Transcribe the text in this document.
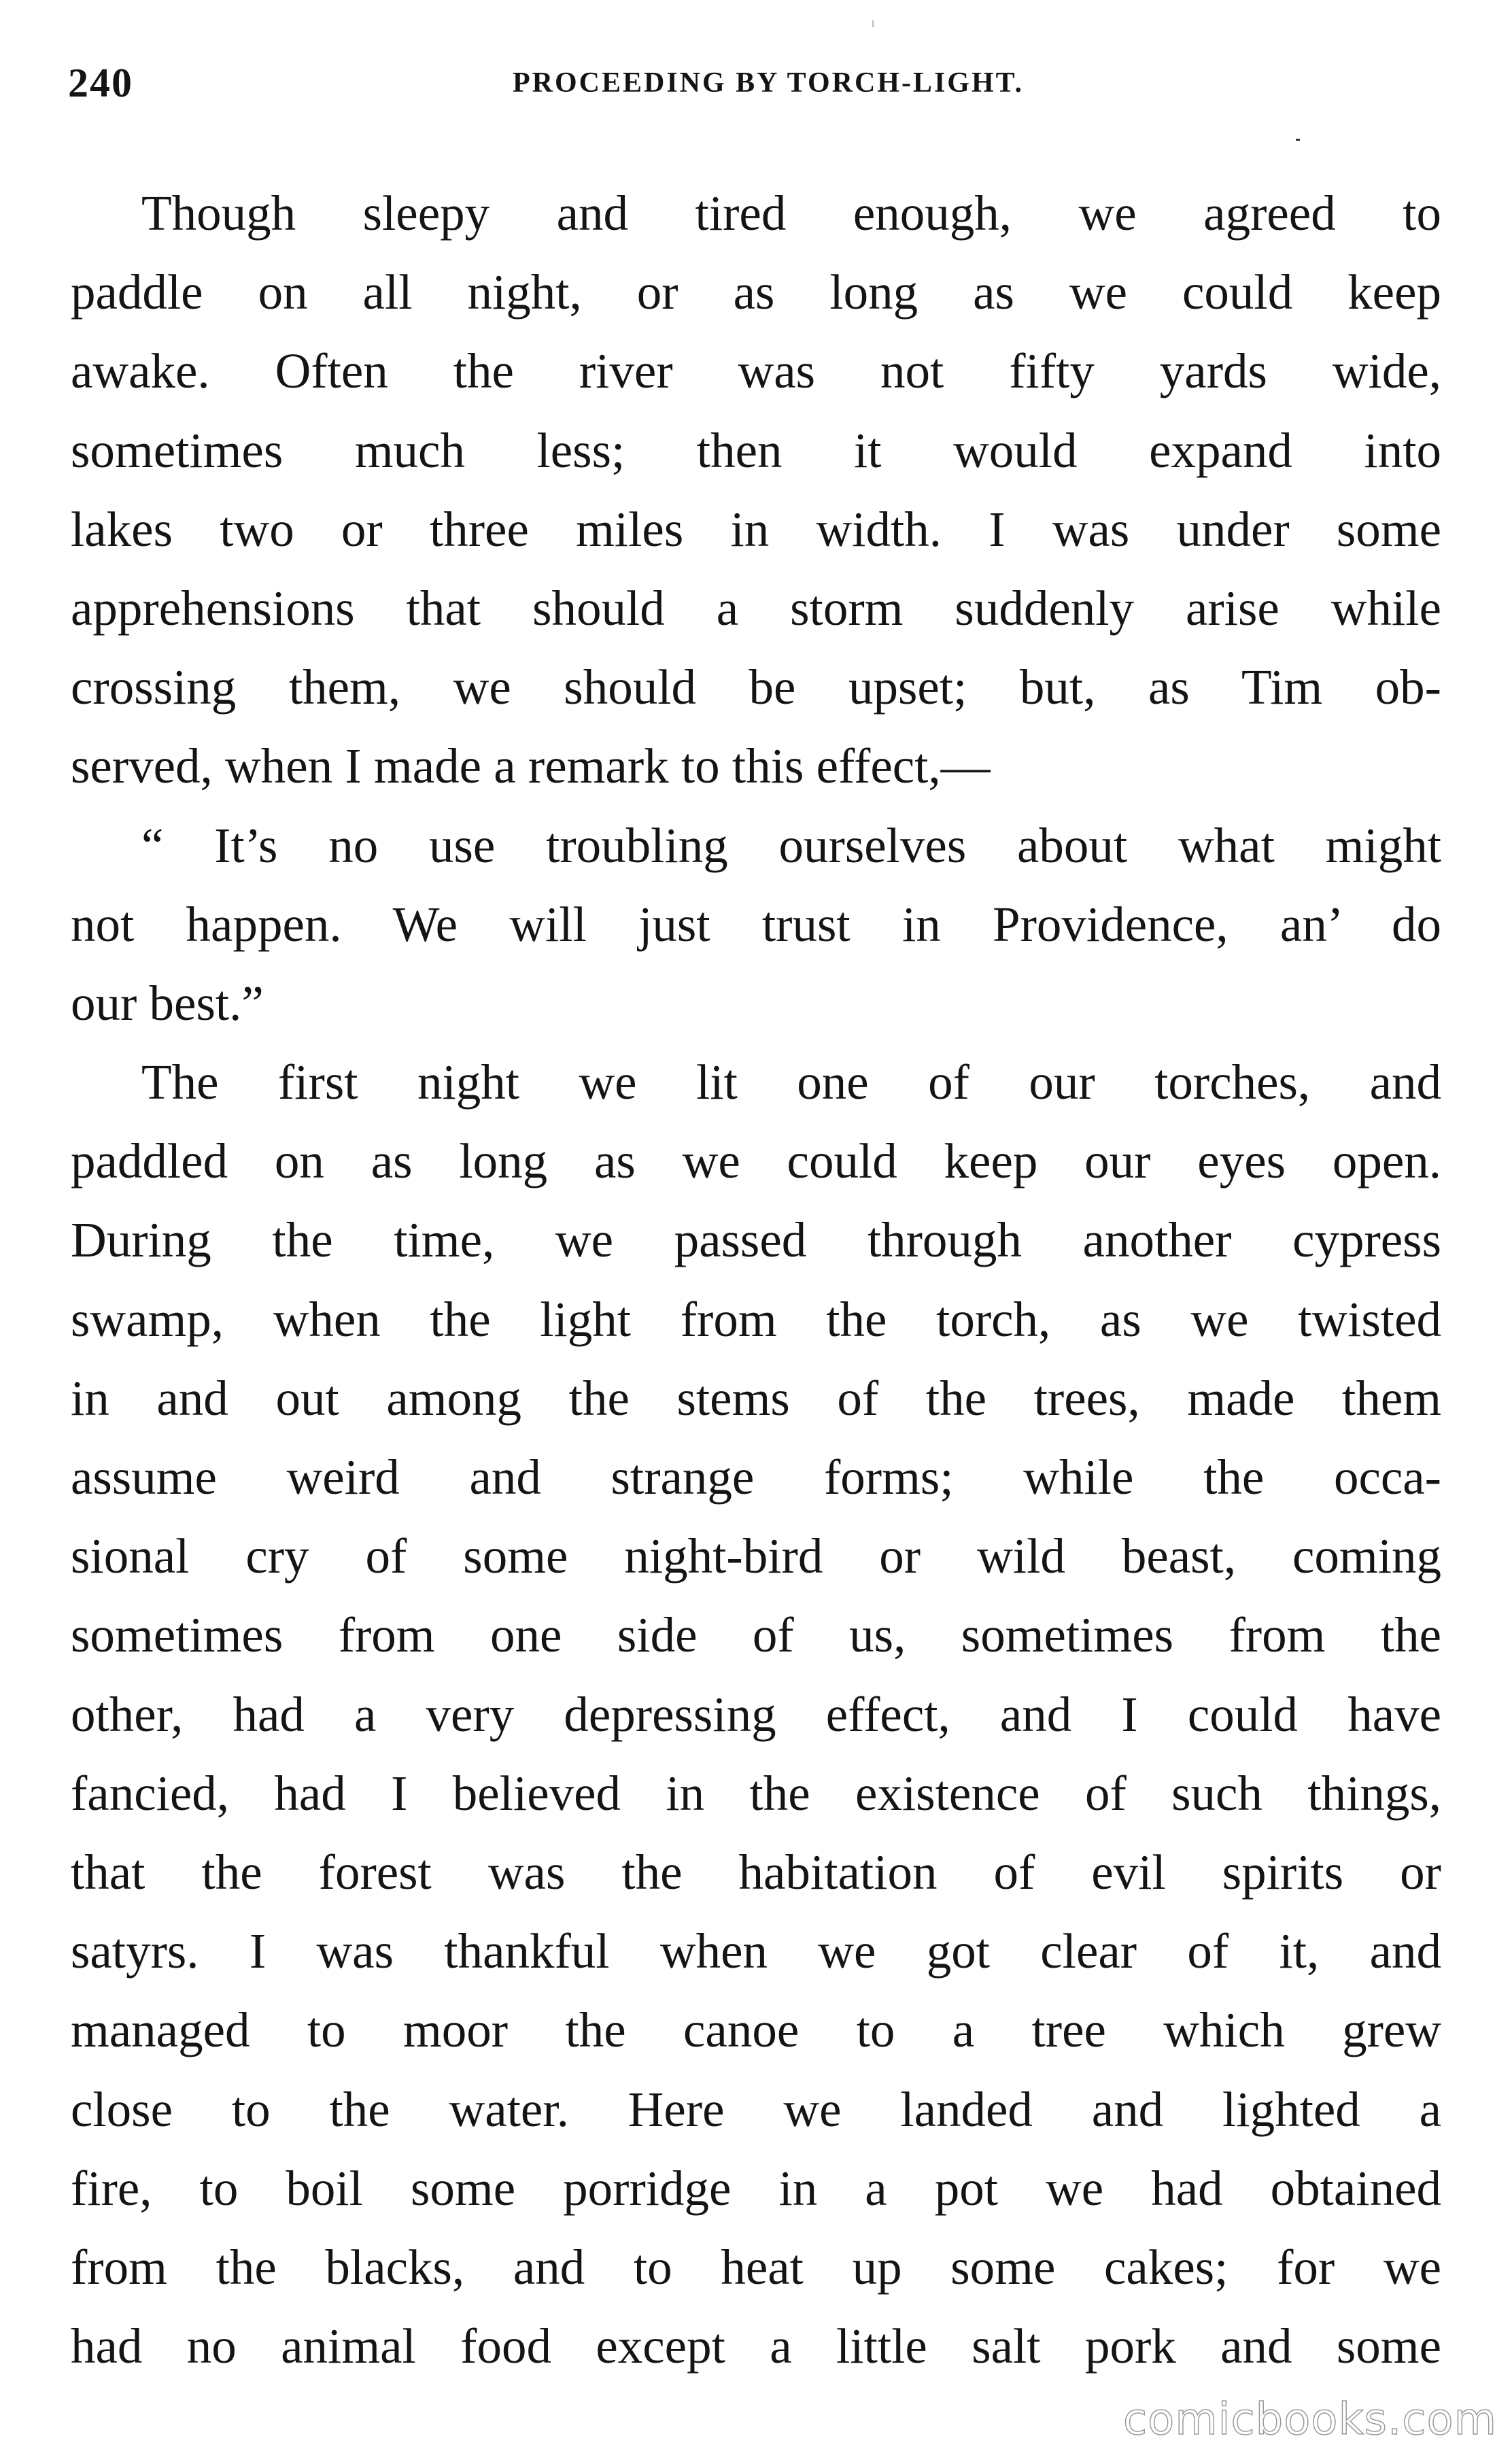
240	PROCEEDING BY TORCH-LIGHT.
Though sleepy and tired enough, we agreed to
paddle on all night, or as long as we could keep
awake. Often the river was not fifty yards wide,
sometimes much less; then it would expand into
lakes two or three miles in width. I was under some
apprehensions that should a storm suddenly arise while
crossing them, we should be upset; but, as Tim ob-
served, when I made a remark to this effect,—
“ It’s no use troubling ourselves about what might
not happen. We will just trust in Providence, an’ do
our best.”
The first night we lit one of our torches, and
paddled on as long as we could keep our eyes open.
During the time, we passed through another cypress
swamp, when the light from the torch, as we twisted
in and out among the stems of the trees, made them
assume weird and strange forms; while the occa-
sional cry of some night-bird or wild beast, coming
sometimes from one side of us, sometimes from the
other, had a very depressing effect, and I could have
fancied, had I believed in the existence of such things,
that the forest was the habitation of evil spirits or
satyrs. I was thankful when we got clear of it, and
managed to moor the canoe to a tree which grew
close to the water. Here we landed and lighted a
fire, to boil some porridge in a pot we had obtained
from the blacks, and to heat up some cakes; for we
had no animal food except a little salt pork and some
comicbooks.com
